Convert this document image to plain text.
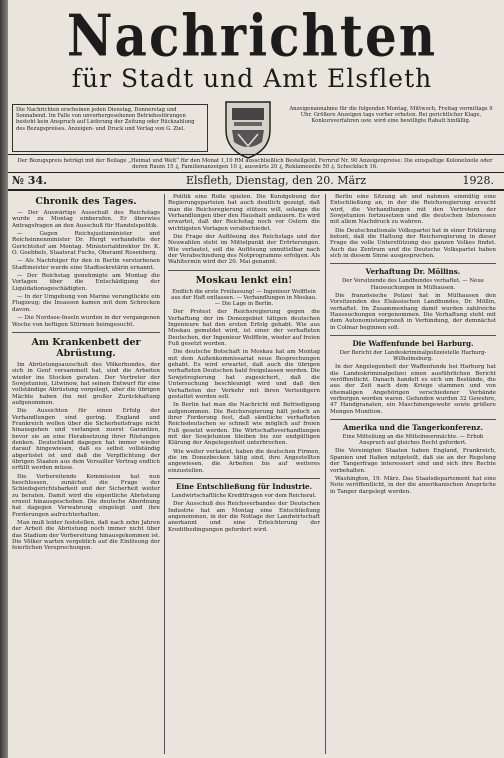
Nachrichten
für Stadt und Amt Elsfleth
Die Nachrichten erscheinen jeden Dienstag, Donnerstag und Sonnabend. Im Falle von unvorhergesehenen Betriebsstörungen besteht kein Anspruch auf Lieferung der Zeitung oder Rückzahlung des Bezugspreises. Anzeigen- und Druck und Verlag von G. Ziel.
Anzeigenannahme für die folgenden Montag, Mittwoch, Freitag vormittags 9 Uhr. Größere Anzeigen tags vorher erbeten. Bei gerichtlicher Klage, Konkursverfahren usw. wird eine bewilligte Rabatt hinfällig.
Der Bezugspreis beträgt mit der Beilage „Heimat und Welt“ für den Monat 1,10 RM ausschließlich Bestellgeld. Fernruf Nr. 90 Anzeigenpreise: Die einspaltige Kolonelzeile oder deren Raum 15 ₰, Familienanzeigen 10 ₰, auswärts 20 ₰, Reklamezeile 50 ₰. Scheckfach 16.
№ 34.	Elsfleth, Dienstag, den 20. März	1928.
Chronik des Tages.

— Der Auswärtige Ausschuß des Reichstags wurde zu Montag einberufen. Er überwies Antragsfragen an den Ausschuß für Handelspolitik.

— Gegen Reichsjustizminister und Reichsinnenminister Dr. Hergt verhandelte der Gerichtshof am Montag. Ministerialdirektor Dr. K. O. Goebbels, Staatsrat Fuchs, Oberamt Rosenberg.

— Als Nachfolger für den in Berlin verstorbenen Stadtmeister wurde eine Stadtsekretärin ernannt.

— Der Reichstag genehmigte am Montag die Vorlagen über die Entschädigung der Liquidationsgeschädigten.

— In der Umgebung von Marine verunglückte ein Flugzeug; die Insassen kamen mit dem Schrecken davon.

— Die Nordsee-Inseln wurden in der vergangenen Woche von heftigen Stürmen heimgesucht.

Am Krankenbett der Abrüstung.

Im Abrüstungsausschuß des Völkerbundes, der sich in Genf versammelt hat, sind die Arbeiten wieder ins Stocken geraten. Der Vertreter der Sowjetunion, Litwinow, hat seinen Entwurf für eine vollständige Abrüstung vorgelegt, aber die übrigen Mächte haben ihn mit großer Zurückhaltung aufgenommen.

Die Aussichten für einen Erfolg der Verhandlungen sind gering. England und Frankreich wollen über die Sicherheitsfrage nicht hinausgehen und verlangen zuerst Garantien, bevor sie an eine Herabsetzung ihrer Rüstungen denken. Deutschland dagegen hat immer wieder darauf hingewiesen, daß es selbst vollständig abgerüstet ist und daß die Verpflichtung der übrigen Staaten aus dem Versailler Vertrag endlich erfüllt werden müsse.

Die Vorbereitende Kommission hat nun beschlossen, zunächst die Frage der Schiedsgerichtsbarkeit und der Sicherheit weiter zu beraten. Damit wird die eigentliche Abrüstung erneut hinausgeschoben. Die deutsche Abordnung hat dagegen Verwahrung eingelegt und ihre Forderungen aufrechterhalten.

Man muß leider feststellen, daß nach zehn Jahren der Arbeit die Abrüstung noch immer nicht über das Stadium der Vorbereitung hinausgekommen ist. Die Völker warten vergeblich auf die Einlösung der feierlichen Versprechungen.

Politik eine Rolle spielen. Die Kundgebung der Regierungsparteien hat auch deutlich gezeigt, daß man die Reichsregierung stützen will, solange die Verhandlungen über den Haushalt andauern. Es wird erwartet, daß der Reichstag noch vor Ostern die wichtigsten Vorlagen verabschiedet.

Die Frage der Auflösung des Reichstags und der Neuwahlen steht im Mittelpunkt der Erörterungen. Wie verlautet, soll die Auflösung unmittelbar nach der Verabschiedung des Notprogramms erfolgen. Als Wahltermin wird der 20. Mai genannt.

Moskau lenkt ein!
Endlich die erste Freilassung! — Ingenieur Wolfflein aus der Haft entlassen. — Verhandlungen in Moskau. — Die Lage in Berlin.

Der Protest der Reichsregierung gegen die Verhaftung der im Donezgebiet tätigen deutschen Ingenieure hat den ersten Erfolg gehabt. Wie aus Moskau gemeldet wird, ist einer der verhafteten Deutschen, der Ingenieur Wolfflein, wieder auf freien Fuß gesetzt worden.

Die deutsche Botschaft in Moskau hat am Montag mit dem Außenkommissariat neue Besprechungen gehabt. Es wird erwartet, daß auch die übrigen verhafteten Deutschen bald freigelassen werden. Die Sowjetregierung hat zugesichert, daß die Untersuchung beschleunigt wird und daß den Verhafteten der Verkehr mit ihren Verteidigern gestattet werden soll.

In Berlin hat man die Nachricht mit Befriedigung aufgenommen. Die Reichsregierung hält jedoch an ihrer Forderung fest, daß sämtliche verhafteten Reichsdeutschen so schnell wie möglich auf freien Fuß gesetzt werden. Die Wirtschaftsverhandlungen mit der Sowjetunion bleiben bis zur endgültigen Klärung der Angelegenheit unterbrochen.

Wie weiter verlautet, haben die deutschen Firmen, die im Donezbecken tätig sind, ihre Angestellten angewiesen, die Arbeiten bis auf weiteres einzustellen.

Eine Entschließung für Industrie.
Landwirtschaftliche Kreditfragen vor dem Reichsrat.

Der Ausschuß des Reichsverbandes der Deutschen Industrie hat am Montag eine Entschließung angenommen, in der die Notlage der Landwirtschaft anerkannt und eine Erleichterung der Kreditbedingungen gefordert wird.

Berlin eine Sitzung ab und nahmen einmütig eine Entschließung an, in der die Reichsregierung ersucht wird, die Verhandlungen mit den Vertretern der Sowjetunion fortzusetzen und die deutschen Interessen mit allem Nachdruck zu wahren.

Die Deutschnationale Volkspartei hat in einer Erklärung betont, daß die Haltung der Reichsregierung in dieser Frage die volle Unterstützung des ganzen Volkes findet. Auch das Zentrum und die Deutsche Volkspartei haben sich in diesem Sinne ausgesprochen.

Verhaftung Dr. Möllins.
Der Vorsitzende des Landbundes verhaftet. — Neue Haussuchungen in Mülhausen.

Die französische Polizei hat in Mülhausen den Vorsitzenden des Elsässischen Landbundes, Dr. Möllin, verhaftet. Im Zusammenhang damit wurden zahlreiche Haussuchungen vorgenommen. Die Verhaftung steht mit dem Autonomistenprozeß in Verbindung, der demnächst in Colmar beginnen soll.

Die Waffenfunde bei Harburg.
Der Bericht der Landeskriminalpolizeistelle Harburg-Wilhelmsburg.

In der Angelegenheit der Waffenfunde bei Harburg hat die Landeskriminalpolizei einen ausführlichen Bericht veröffentlicht. Danach handelt es sich um Bestände, die aus der Zeit nach dem Kriege stammen und von ehemaligen Angehörigen verschiedener Verbände verborgen worden waren. Gefunden wurden 32 Gewehre, 47 Handgranaten, ein Maschinengewehr sowie größere Mengen Munition.

Amerika und die Tangerkonferenz.
Eine Mitteilung an die Mittelmeermächte. — Erhob Anspruch auf gleiches Recht gefordert.

Die Vereinigten Staaten haben England, Frankreich, Spanien und Italien mitgeteilt, daß sie an der Regelung der Tangerfrage interessiert sind und sich ihre Rechte vorbehalten.

Washington, 19. März. Das Staatsdepartement hat eine Note veröffentlicht, in der die amerikanischen Ansprüche in Tanger dargelegt werden.
